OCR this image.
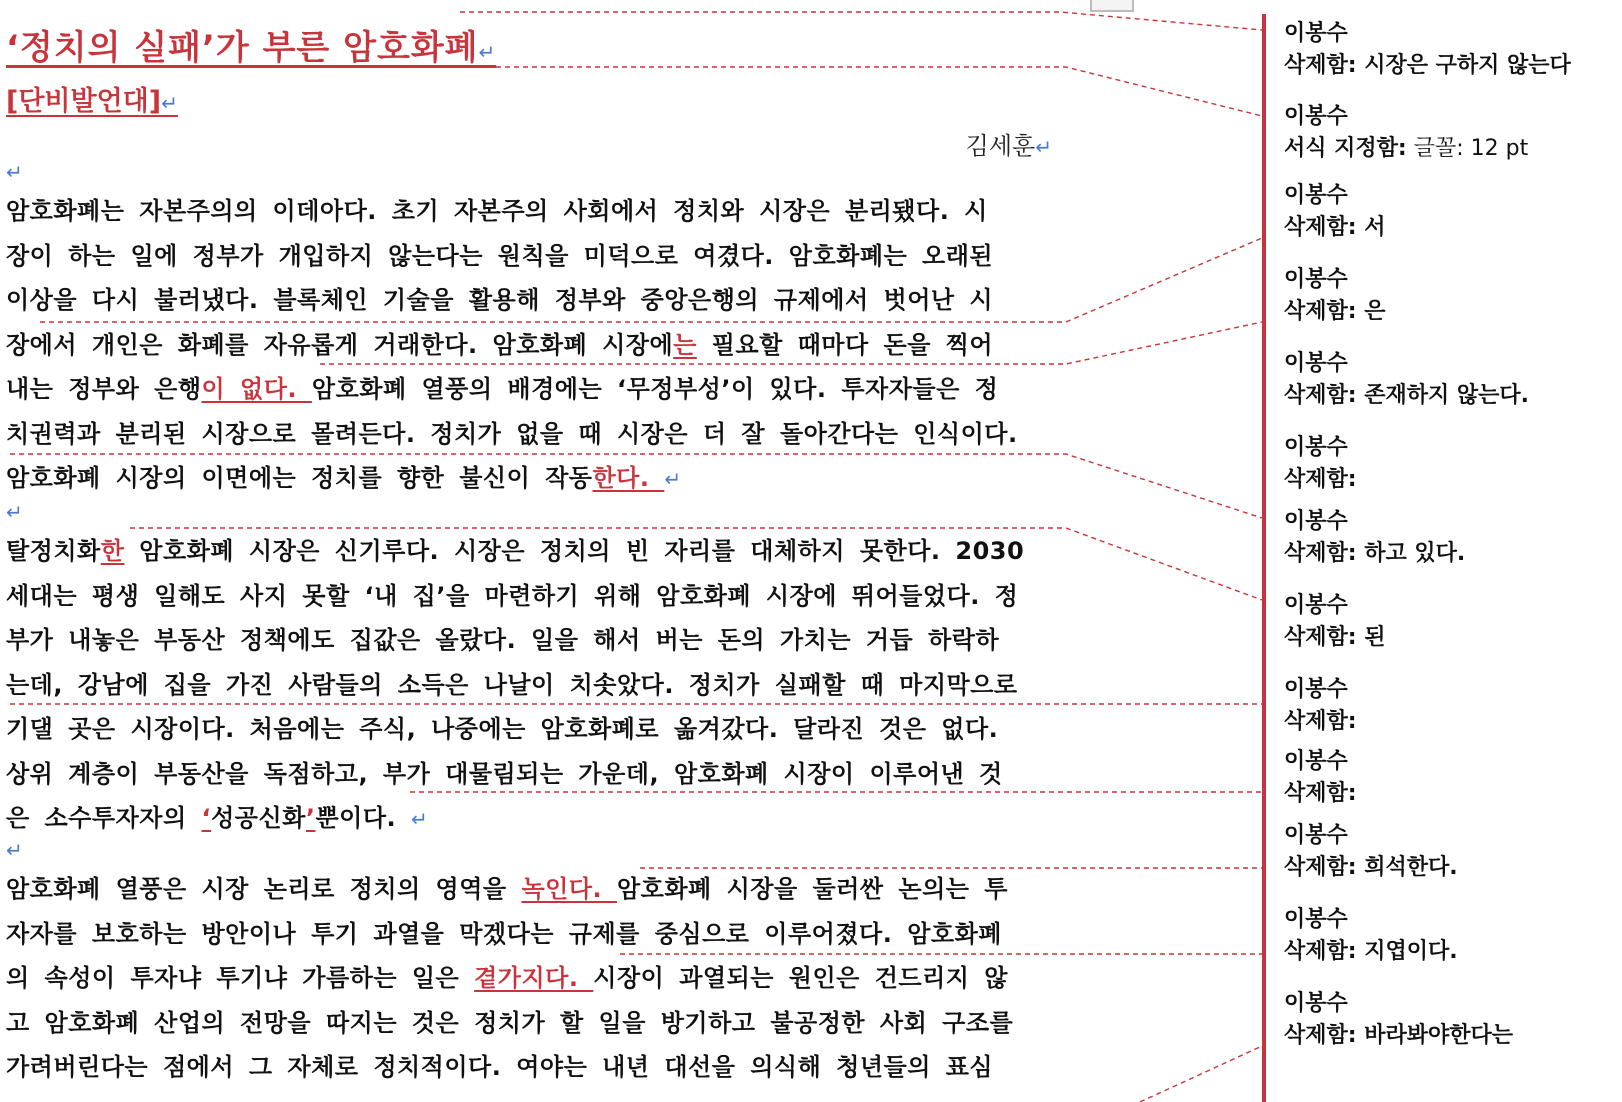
‘정치의 실패’가 부른 암호화폐↵
[단비발언대]↵
김세훈↵
↵
암호화폐는 자본주의의 이데아다. 초기 자본주의 사회에서 정치와 시장은 분리됐다. 시
장이 하는 일에 정부가 개입하지 않는다는 원칙을 미덕으로 여겼다. 암호화폐는 오래된
이상을 다시 불러냈다. 블록체인 기술을 활용해 정부와 중앙은행의 규제에서 벗어난 시
장에서 개인은 화폐를 자유롭게 거래한다. 암호화폐 시장에는 필요할 때마다 돈을 찍어
내는 정부와 은행이 없다. 암호화폐 열풍의 배경에는 ‘무정부성’이 있다. 투자자들은 정
치권력과 분리된 시장으로 몰려든다. 정치가 없을 때 시장은 더 잘 돌아간다는 인식이다.
암호화폐 시장의 이면에는 정치를 향한 불신이 작동한다. ↵
↵
탈정치화한 암호화폐 시장은 신기루다. 시장은 정치의 빈 자리를 대체하지 못한다. 2030
세대는 평생 일해도 사지 못할 ‘내 집’을 마련하기 위해 암호화폐 시장에 뛰어들었다. 정
부가 내놓은 부동산 정책에도 집값은 올랐다. 일을 해서 버는 돈의 가치는 거듭 하락하
는데, 강남에 집을 가진 사람들의 소득은 나날이 치솟았다. 정치가 실패할 때 마지막으로
기댈 곳은 시장이다. 처음에는 주식, 나중에는 암호화폐로 옮겨갔다. 달라진 것은 없다.
상위 계층이 부동산을 독점하고, 부가 대물림되는 가운데, 암호화폐 시장이 이루어낸 것
은 소수투자자의 ‘성공신화’뿐이다. ↵
↵
암호화폐 열풍은 시장 논리로 정치의 영역을 녹인다. 암호화폐 시장을 둘러싼 논의는 투
자자를 보호하는 방안이나 투기 과열을 막겠다는 규제를 중심으로 이루어졌다. 암호화폐
의 속성이 투자냐 투기냐 가름하는 일은 곁가지다. 시장이 과열되는 원인은 건드리지 않
고 암호화폐 산업의 전망을 따지는 것은 정치가 할 일을 방기하고 불공정한 사회 구조를
가려버린다는 점에서 그 자체로 정치적이다. 여야는 내년 대선을 의식해 청년들의 표심
이봉수
삭제함: 시장은 구하지 않는다
이봉수
서식 지정함: 글꼴: 12 pt
이봉수
삭제함: 서
이봉수
삭제함: 은
이봉수
삭제함: 존재하지 않는다.
이봉수
삭제함:
이봉수
삭제함: 하고 있다.
이봉수
삭제함: 된
이봉수
삭제함:
이봉수
삭제함:
이봉수
삭제함: 희석한다.
이봉수
삭제함: 지엽이다.
이봉수
삭제함: 바라봐야한다는
